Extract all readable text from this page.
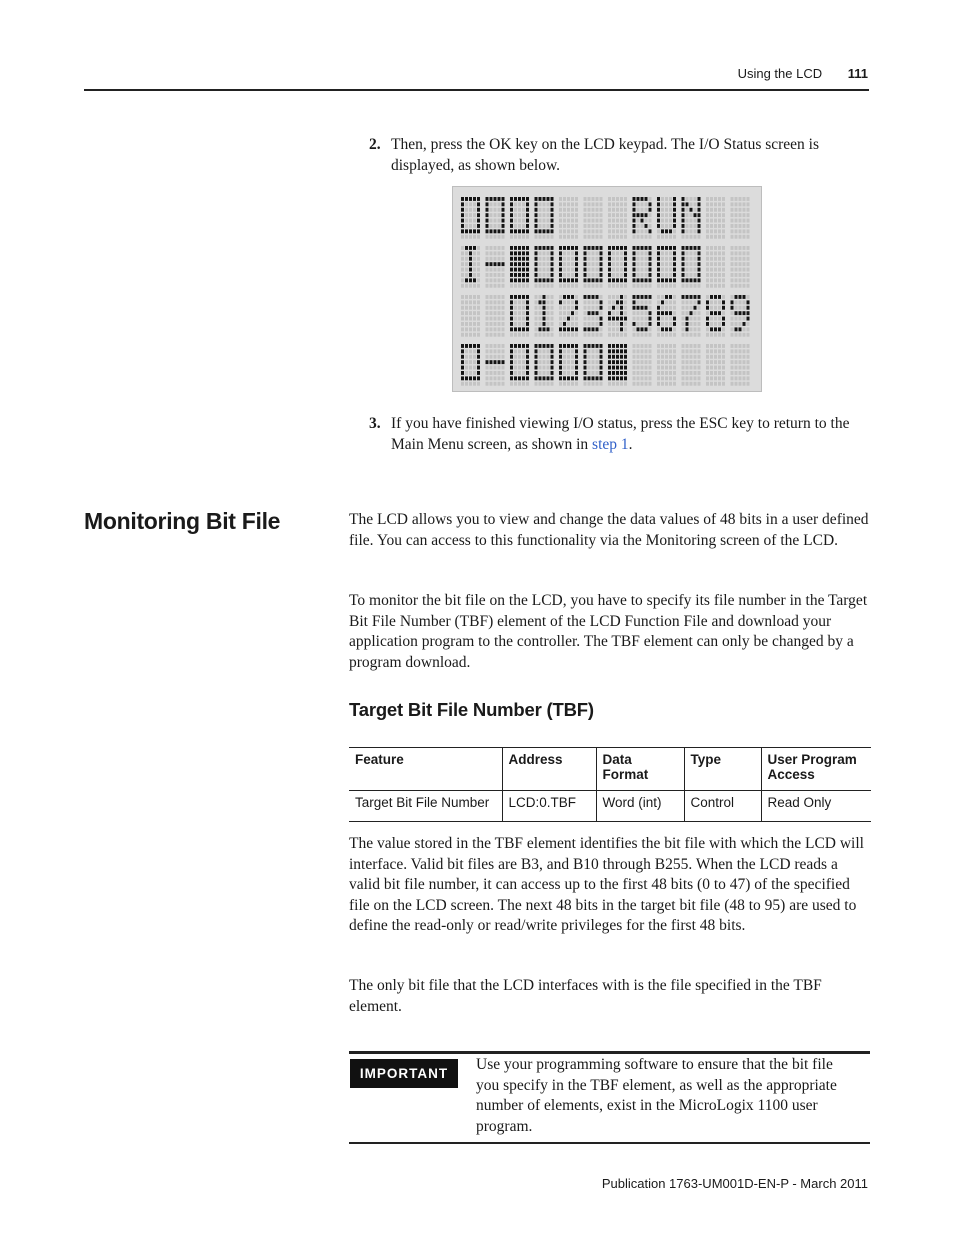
Using the LCD 111
2. Then, press the OK key on the LCD keypad. The I/O Status screen is displayed, as shown below.
3. If you have finished viewing I/O status, press the ESC key to return to the Main Menu screen, as shown in step 1.
Monitoring Bit File	The LCD allows you to view and change the data values of 48 bits in a user defined file. You can access to this functionality via the Monitoring screen of the LCD.
To monitor the bit file on the LCD, you have to specify its file number in the Target Bit File Number (TBF) element of the LCD Function File and download your application program to the controller. The TBF element can only be changed by a program download.
Target Bit File Number (TBF)
Feature	Address	Data Format	Type	User Program Access
Target Bit File Number	LCD:0.TBF	Word (int)	Control	Read Only
The value stored in the TBF element identifies the bit file with which the LCD will interface. Valid bit files are B3, and B10 through B255. When the LCD reads a valid bit file number, it can access up to the first 48 bits (0 to 47) of the specified file on the LCD screen. The next 48 bits in the target bit file (48 to 95) are used to define the read-only or read/write privileges for the first 48 bits.
The only bit file that the LCD interfaces with is the file specified in the TBF element.
IMPORTANT
Use your programming software to ensure that the bit file you specify in the TBF element, as well as the appropriate number of elements, exist in the MicroLogix 1100 user program.
Publication 1763-UM001D-EN-P - March 2011
